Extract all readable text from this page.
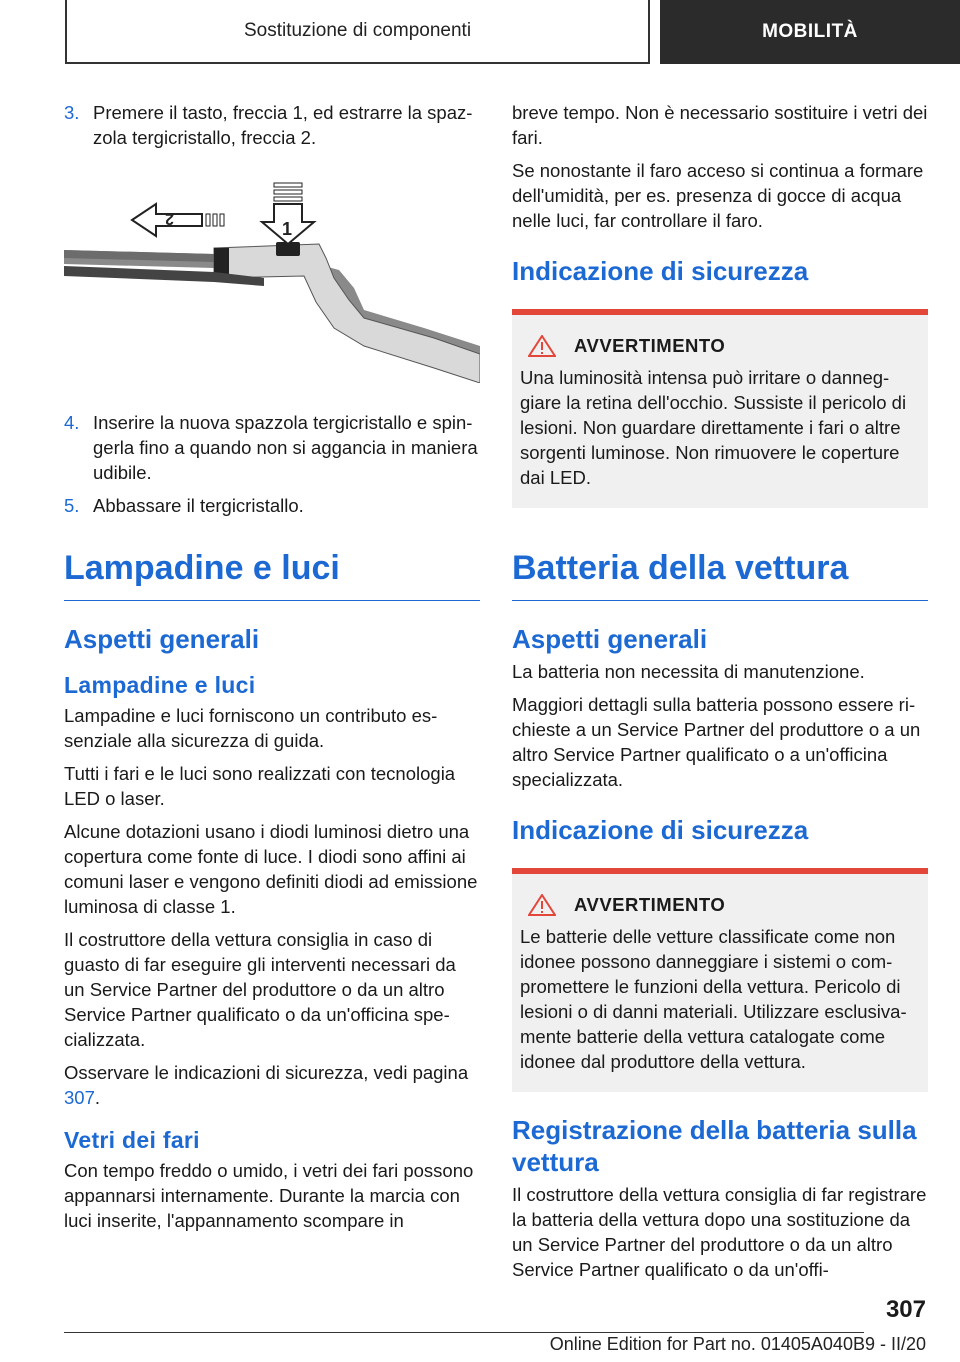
Sostituzione di componenti	MOBILITÀ
3. Premere il tasto, freccia 1, ed estrarre la spazzola tergicristallo, freccia 2.
1
2
4. Inserire la nuova spazzola tergicristallo e spingerla fino a quando non si aggancia in maniera udibile.
5. Abbassare il tergicristallo.
Lampadine e luci
Aspetti generali
Lampadine e luci

Lampadine e luci forniscono un contributo essenziale alla sicurezza di guida.

Tutti i fari e le luci sono realizzati con tecnologia LED o laser.

Alcune dotazioni usano i diodi luminosi dietro una copertura come fonte di luce. I diodi sono affini ai comuni laser e vengono definiti diodi ad emissione luminosa di classe 1.

Il costruttore della vettura consiglia in caso di guasto di far eseguire gli interventi necessari da un Service Partner del produttore o da un altro Service Partner qualificato o da un'officina specializzata.

Osservare le indicazioni di sicurezza, vedi pagina 307.

Vetri dei fari

Con tempo freddo o umido, i vetri dei fari possono appannarsi internamente. Durante la marcia con luci inserite, l'appannamento scompare in

breve tempo. Non è necessario sostituire i vetri dei fari.

Se nonostante il faro acceso si continua a formare dell'umidità, per es. presenza di gocce di acqua nelle luci, far controllare il faro.

Indicazione di sicurezza
AVVERTIMENTO

Una luminosità intensa può irritare o danneggiare la retina dell'occhio. Sussiste il pericolo di lesioni. Non guardare direttamente i fari o altre sorgenti luminose. Non rimuovere le coperture dai LED.

Batteria della vettura
Aspetti generali

La batteria non necessita di manutenzione.

Maggiori dettagli sulla batteria possono essere richieste a un Service Partner del produttore o a un altro Service Partner qualificato o a un'officina specializzata.

Indicazione di sicurezza
AVVERTIMENTO

Le batterie delle vetture classificate come non idonee possono danneggiare i sistemi o compromettere le funzioni della vettura. Pericolo di lesioni o di danni materiali. Utilizzare esclusivamente batterie della vettura catalogate come idonee dal produttore della vettura.

Registrazione della batteria sulla vettura

Il costruttore della vettura consiglia di far registrare la batteria della vettura dopo una sostituzione da un Service Partner del produttore o da un altro Service Partner qualificato o da un'offi-

307
Online Edition for Part no. 01405A040B9 - II/20
